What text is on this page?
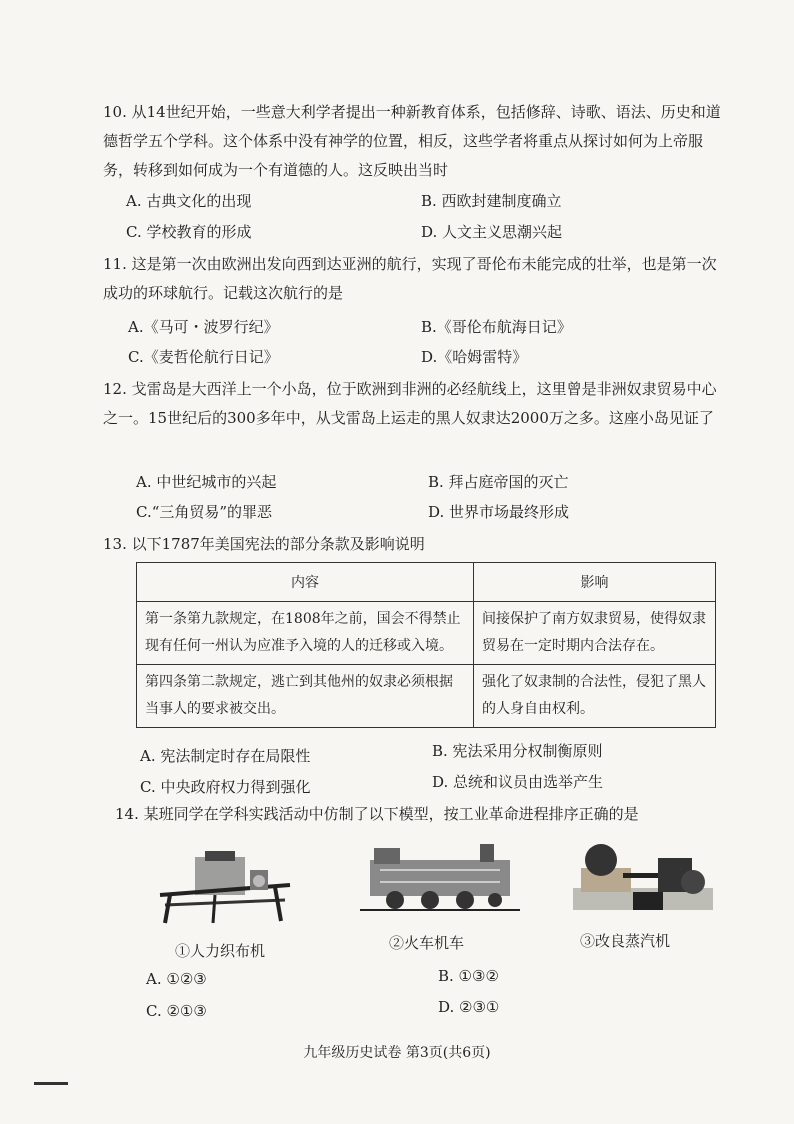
10. 从14世纪开始，一些意大利学者提出一种新教育体系，包括修辞、诗歌、语法、历史和道德哲学五个学科。这个体系中没有神学的位置，相反，这些学者将重点从探讨如何为上帝服务，转移到如何成为一个有道德的人。这反映出当时

A. 古典文化的出现	B. 西欧封建制度确立
C. 学校教育的形成	D. 人文主义思潮兴起

11. 这是第一次由欧洲出发向西到达亚洲的航行，实现了哥伦布未能完成的壮举，也是第一次成功的环球航行。记载这次航行的是

A.《马可・波罗行纪》	B.《哥伦布航海日记》
C.《麦哲伦航行日记》	D.《哈姆雷特》

12. 戈雷岛是大西洋上一个小岛，位于欧洲到非洲的必经航线上，这里曾是非洲奴隶贸易中心之一。15世纪后的300多年中，从戈雷岛上运走的黑人奴隶达2000万之多。这座小岛见证了

A. 中世纪城市的兴起	B. 拜占庭帝国的灭亡
C.“三角贸易”的罪恶	D. 世界市场最终形成

13. 以下1787年美国宪法的部分条款及影响说明

内容	影响
第一条第九款规定，在1808年之前，国会不得禁止现有任何一州认为应准予入境的人的迁移或入境。	间接保护了南方奴隶贸易，使得奴隶贸易在一定时期内合法存在。
第四条第二款规定，逃亡到其他州的奴隶必须根据当事人的要求被交出。	强化了奴隶制的合法性，侵犯了黑人的人身自由权利。
A. 宪法制定时存在局限性	B. 宪法采用分权制衡原则
C. 中央政府权力得到强化	D. 总统和议员由选举产生

14. 某班同学在学科实践活动中仿制了以下模型，按工业革命进程排序正确的是

①人力织布机	②火车机车	③改良蒸汽机
A. ①②③	B. ①③②
C. ②①③	D. ②③①
九年级历史试卷 第3页(共6页)
